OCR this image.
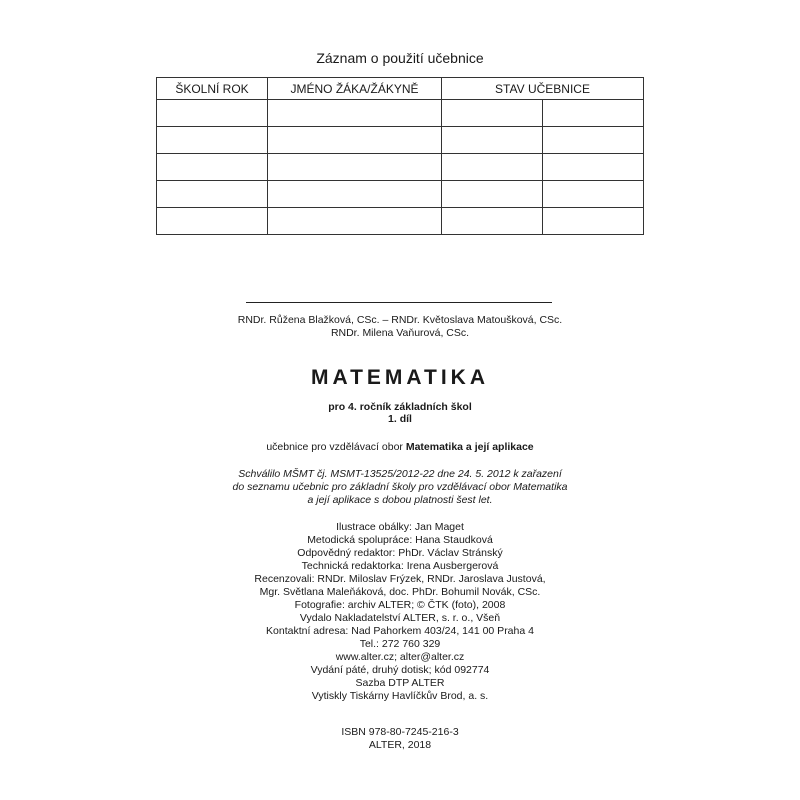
Záznam o použití učebnice
ŠKOLNÍ ROK	JMÉNO ŽÁKA/ŽÁKYNĚ	STAV UČEBNICE	

RNDr. Růžena Blažková, CSc. – RNDr. Květoslava Matoušková, CSc.
RNDr. Milena Vaňurová, CSc.
MATEMATIKA
pro 4. ročník základních škol
1. díl
učebnice pro vzdělávací obor Matematika a její aplikace
Schválilo MŠMT čj. MSMT-13525/2012-22 dne 24. 5. 2012 k zařazení
do seznamu učebnic pro základní školy pro vzdělávací obor Matematika
a její aplikace s dobou platnosti šest let.
Ilustrace obálky: Jan Maget
Metodická spolupráce: Hana Staudková
Odpovědný redaktor: PhDr. Václav Stránský
Technická redaktorka: Irena Ausbergerová
Recenzovali: RNDr. Miloslav Frýzek, RNDr. Jaroslava Justová,
Mgr. Světlana Maleňáková, doc. PhDr. Bohumil Novák, CSc.
Fotografie: archiv ALTER; © ČTK (foto), 2008
Vydalo Nakladatelství ALTER, s. r. o., Všeň
Kontaktní adresa: Nad Pahorkem 403/24, 141 00 Praha 4
Tel.: 272 760 329
www.alter.cz; alter@alter.cz
Vydání páté, druhý dotisk; kód 092774
Sazba DTP ALTER
Vytiskly Tiskárny Havlíčkův Brod, a. s.
ISBN 978-80-7245-216-3
ALTER, 2018
